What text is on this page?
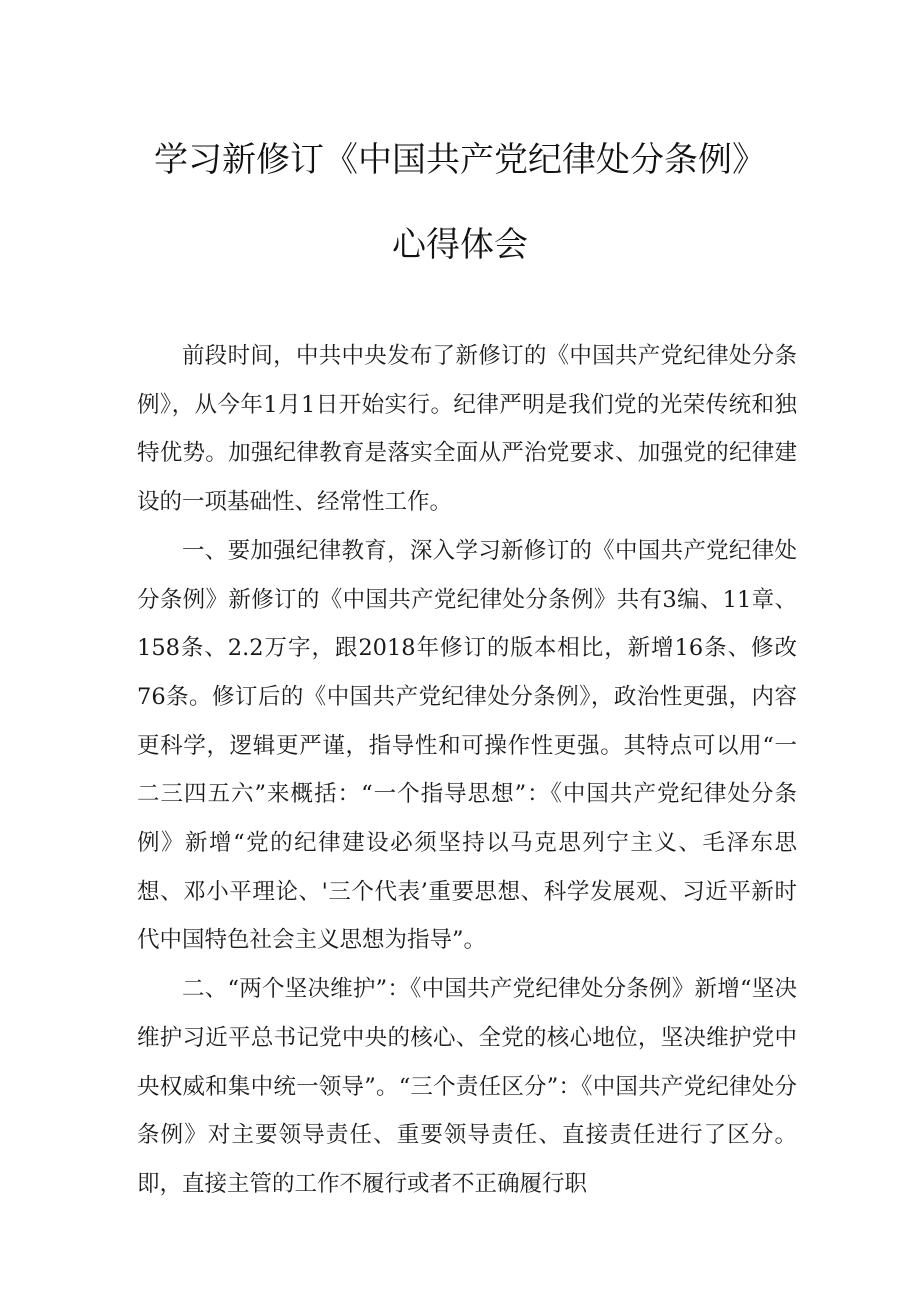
学习新修订《中国共产党纪律处分条例》
心得体会

前段时间，中共中央发布了新修订的《中国共产党纪律处分条例》，从今年1月1日开始实行。纪律严明是我们党的光荣传统和独特优势。加强纪律教育是落实全面从严治党要求、加强党的纪律建设的一项基础性、经常性工作。

一、要加强纪律教育，深入学习新修订的《中国共产党纪律处分条例》新修订的《中国共产党纪律处分条例》共有3编、11章、158条、2.2万字，跟2018年修订的版本相比，新增16条、修改76条。修订后的《中国共产党纪律处分条例》，政治性更强，内容更科学，逻辑更严谨，指导性和可操作性更强。其特点可以用“一二三四五六”来概括：“一个指导思想”：《中国共产党纪律处分条例》新增“党的纪律建设必须坚持以马克思列宁主义、毛泽东思想、邓小平理论、'三个代表’重要思想、科学发展观、习近平新时代中国特色社会主义思想为指导”。

二、“两个坚决维护”：《中国共产党纪律处分条例》新增“坚决维护习近平总书记党中央的核心、全党的核心地位，坚决维护党中央权威和集中统一领导”。“三个责任区分”：《中国共产党纪律处分条例》对主要领导责任、重要领导责任、直接责任进行了区分。即，直接主管的工作不履行或者不正确履行职
